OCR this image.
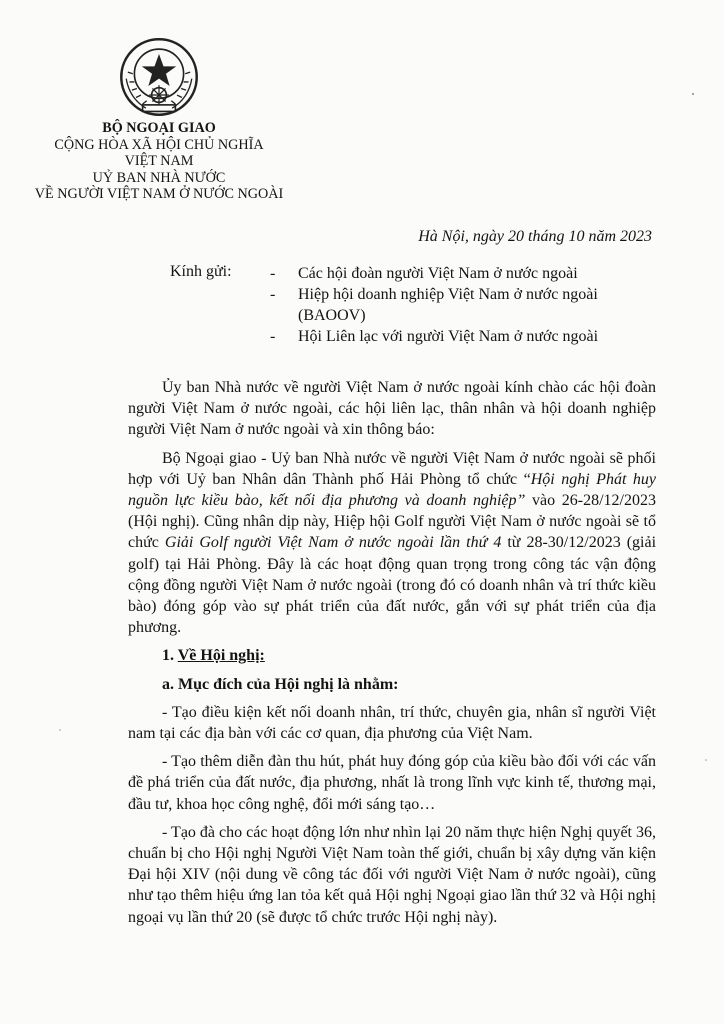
BỘ NGOẠI GIAO
CỘNG HÒA XÃ HỘI CHỦ NGHĨA
VIỆT NAM
UỶ BAN NHÀ NƯỚC
VỀ NGƯỜI VIỆT NAM Ở NƯỚC NGOÀI
Hà Nội, ngày 20 tháng 10 năm 2023
Kính gửi: -	Các hội đoàn người Việt Nam ở nước ngoài
-	Hiệp hội doanh nghiệp Việt Nam ở nước ngoài (BAOOV)
-	Hội Liên lạc với người Việt Nam ở nước ngoài

Ủy ban Nhà nước về người Việt Nam ở nước ngoài kính chào các hội đoàn người Việt Nam ở nước ngoài, các hội liên lạc, thân nhân và hội doanh nghiệp người Việt Nam ở nước ngoài và xin thông báo:

Bộ Ngoại giao - Uỷ ban Nhà nước về người Việt Nam ở nước ngoài sẽ phối hợp với Uỷ ban Nhân dân Thành phố Hải Phòng tổ chức “Hội nghị Phát huy nguồn lực kiều bào, kết nối địa phương và doanh nghiệp” vào 26-28/12/2023 (Hội nghị). Cũng nhân dịp này, Hiệp hội Golf người Việt Nam ở nước ngoài sẽ tổ chức Giải Golf người Việt Nam ở nước ngoài lần thứ 4 từ 28-30/12/2023 (giải golf) tại Hải Phòng. Đây là các hoạt động quan trọng trong công tác vận động cộng đồng người Việt Nam ở nước ngoài (trong đó có doanh nhân và trí thức kiều bào) đóng góp vào sự phát triển của đất nước, gắn với sự phát triển của địa phương.

1. Về Hội nghị:
a. Mục đích của Hội nghị là nhằm:

- Tạo điều kiện kết nối doanh nhân, trí thức, chuyên gia, nhân sĩ người Việt nam tại các địa bàn với các cơ quan, địa phương của Việt Nam.

- Tạo thêm diễn đàn thu hút, phát huy đóng góp của kiều bào đối với các vấn đề phá triển của đất nước, địa phương, nhất là trong lĩnh vực kinh tế, thương mại, đầu tư, khoa học công nghệ, đổi mới sáng tạo…

- Tạo đà cho các hoạt động lớn như nhìn lại 20 năm thực hiện Nghị quyết 36, chuẩn bị cho Hội nghị Người Việt Nam toàn thế giới, chuẩn bị xây dựng văn kiện Đại hội XIV (nội dung về công tác đối với người Việt Nam ở nước ngoài), cũng như tạo thêm hiệu ứng lan tỏa kết quả Hội nghị Ngoại giao lần thứ 32 và Hội nghị ngoại vụ lần thứ 20 (sẽ được tổ chức trước Hội nghị này).
